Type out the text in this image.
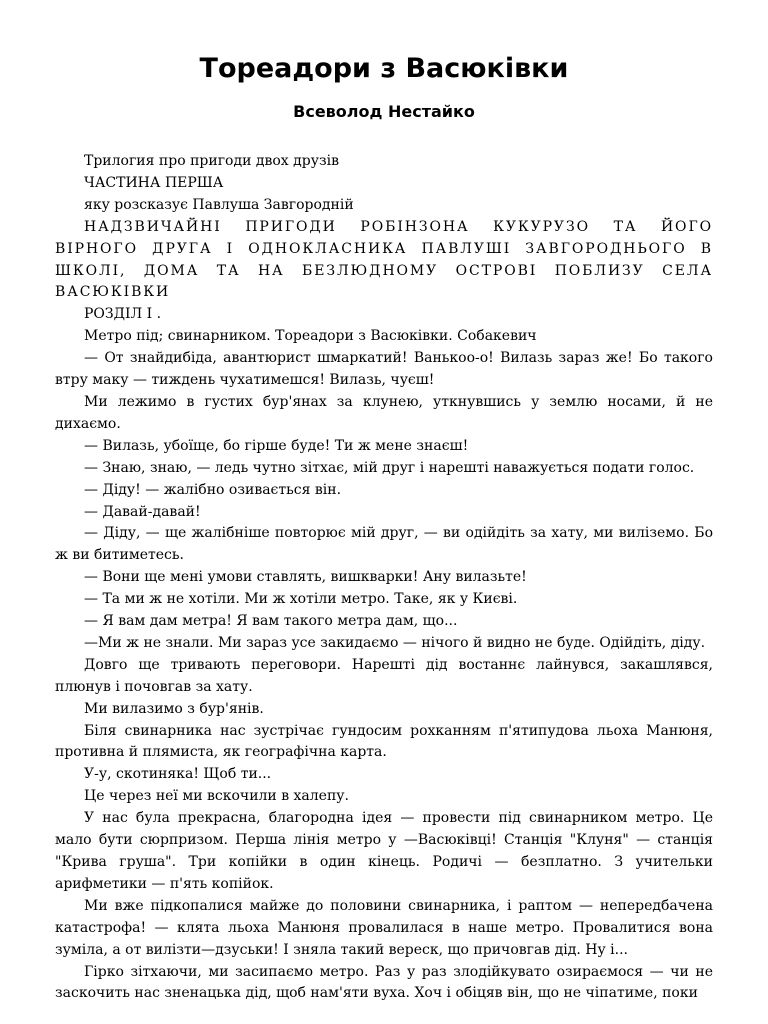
Тореадори з Васюківки
Всеволод Нестайко

Трилогия про пригоди двох друзів

ЧАСТИНА ПЕРША

яку розсказує Павлуша Завгородній

НАДЗВИЧАЙНІ ПРИГОДИ РОБІНЗОНА КУКУРУЗО ТА ЙОГО ВІРНОГО ДРУГА І ОДНОКЛАСНИКА ПАВЛУШІ ЗАВГОРОДНЬОГО В ШКОЛІ, ДОМА ТА НА БЕЗЛЮДНОМУ ОСТРОВІ ПОБЛИЗУ СЕЛА ВАСЮКІВКИ

РОЗДІЛ I .

Метро під; свинарником. Тореадори з Васюківки. Собакевич

— От знайдибіда, авантюрист шмаркатий! Ванькоо-о! Вилазь зараз же! Бо такого втру маку — тиждень чухатимешся! Вилазь, чуєш!

Ми лежимо в густих бур'янах за клунею, уткнувшись у землю носами, й не дихаємо.

— Вилазь, убоїще, бо гірше буде! Ти ж мене знаєш!

— Знаю, знаю, — ледь чутно зітхає, мій друг і нарешті наважується подати голос.

— Діду! — жалібно озивається він.

— Давай-давай!

— Діду, — ще жалібніше повторює мій друг, — ви одійдіть за хату, ми виліземо. Бо ж ви битиметесь.

— Вони ще мені умови ставлять, вишкварки! Ану вилазьте!

— Та ми ж не хотіли. Ми ж хотіли метро. Таке, як у Києві.

— Я вам дам метра! Я вам такого метра дам, що...

—Ми ж не знали. Ми зараз усе закидаємо — нічого й видно не буде. Одійдіть, діду.

Довго ще тривають переговори. Нарешті дід востаннє лайнувся, закашлявся, плюнув і почовгав за хату.

Ми вилазимо з бур'янів.

Біля свинарника нас зустрічає гундосим рохканням п'ятипудова льоха Манюня, противна й плямиста, як географічна карта.

У-у, скотиняка! Щоб ти...

Це через неї ми вскочили в халепу.

У нас була прекрасна, благородна ідея — провести під свинарником метро. Це мало бути сюрпризом. Перша лінія метро у —Васюківці! Станція "Клуня" — станція "Крива груша". Три копійки в один кінець. Родичі — безплатно. З учительки арифметики — п'ять копійок.

Ми вже підкопалися майже до половини свинарника, і раптом — непередбачена катастрофа! — клята льоха Манюня провалилася в наше метро. Провалитися вона зуміла, а от вилізти—дзуськи! І зняла такий вереск, що причовгав дід. Ну і...

Гірко зітхаючи, ми засипаємо метро. Раз у раз злодійкувато озираємося — чи не заскочить нас зненацька дід, щоб нам'яти вуха. Хоч і обіцяв він, що не чіпатиме, поки
